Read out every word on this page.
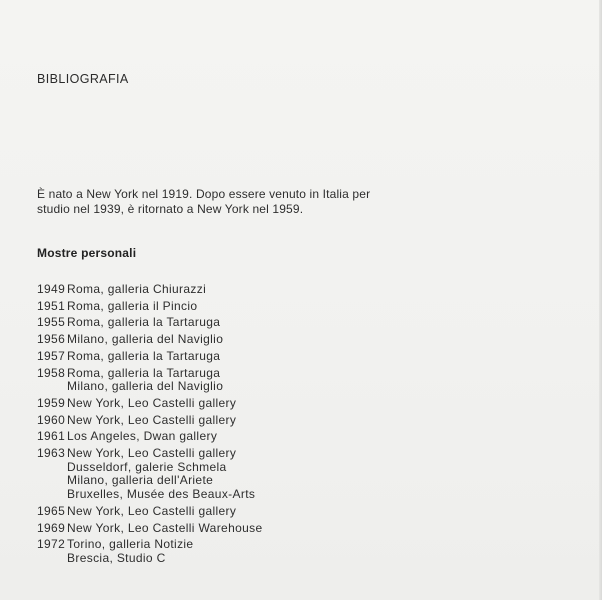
BIBLIOGRAFIA
È nato a New York nel 1919. Dopo essere venuto in Italia per
studio nel 1939, è ritornato a New York nel 1959.
Mostre personali
1949 Roma, galleria Chiurazzi
1951 Roma, galleria il Pincio
1955 Roma, galleria la Tartaruga
1956 Milano, galleria del Naviglio
1957 Roma, galleria la Tartaruga
1958 Roma, galleria la Tartaruga
Milano, galleria del Naviglio
1959 New York, Leo Castelli gallery
1960 New York, Leo Castelli gallery
1961 Los Angeles, Dwan gallery
1963 New York, Leo Castelli gallery
Dusseldorf, galerie Schmela
Milano, galleria dell'Ariete
Bruxelles, Musée des Beaux-Arts
1965 New York, Leo Castelli gallery
1969 New York, Leo Castelli Warehouse
1972 Torino, galleria Notizie
Brescia, Studio C
